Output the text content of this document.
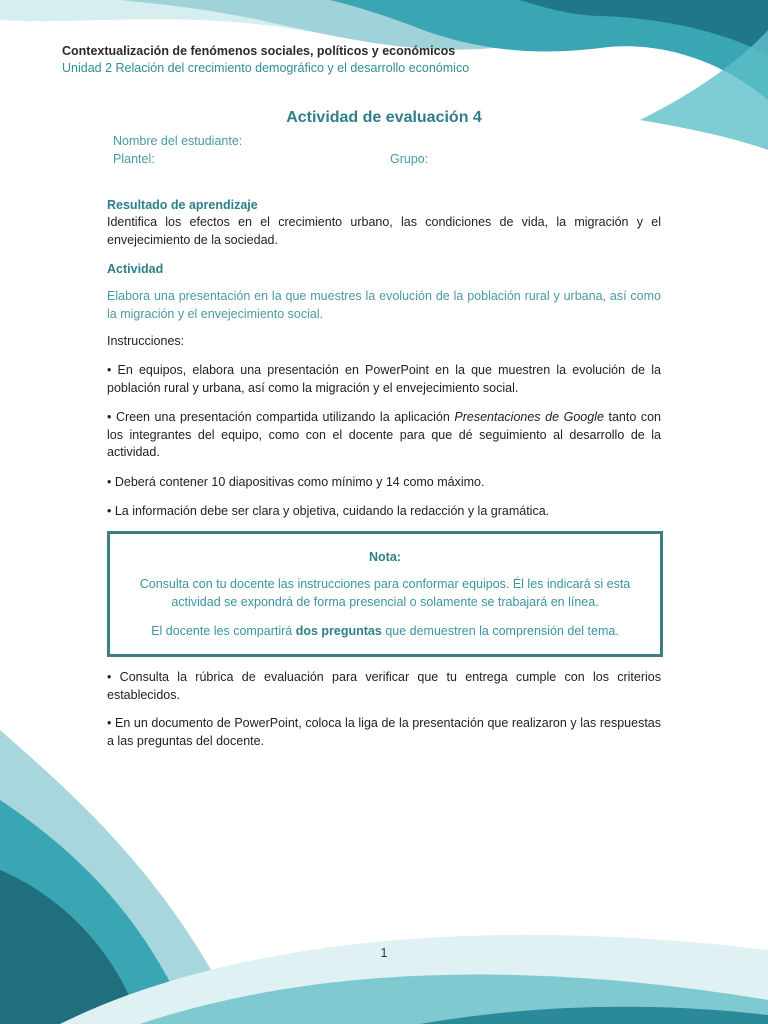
Contextualización de fenómenos sociales, políticos y económicos
Unidad 2 Relación del crecimiento demográfico y el desarrollo económico
Actividad de evaluación 4
Nombre del estudiante:
Plantel:	Grupo:
Resultado de aprendizaje
Identifica los efectos en el crecimiento urbano, las condiciones de vida, la migración y el envejecimiento de la sociedad.
Actividad
Elabora una presentación en la que muestres la evolución de la población rural y urbana, así como la migración y el envejecimiento social.
Instrucciones:
• En equipos, elabora una presentación en PowerPoint en la que muestren la evolución de la población rural y urbana, así como la migración y el envejecimiento social.
• Creen una presentación compartida utilizando la aplicación Presentaciones de Google tanto con los integrantes del equipo, como con el docente para que dé seguimiento al desarrollo de la actividad.
• Deberá contener 10 diapositivas como mínimo y 14 como máximo.
• La información debe ser clara y objetiva, cuidando la redacción y la gramática.
Nota:
Consulta con tu docente las instrucciones para conformar equipos. Él les indicará si esta actividad se expondrá de forma presencial o solamente se trabajará en línea.
El docente les compartirá dos preguntas que demuestren la comprensión del tema.
• Consulta la rúbrica de evaluación para verificar que tu entrega cumple con los criterios establecidos.
• En un documento de PowerPoint, coloca la liga de la presentación que realizaron y las respuestas a las preguntas del docente.
1
